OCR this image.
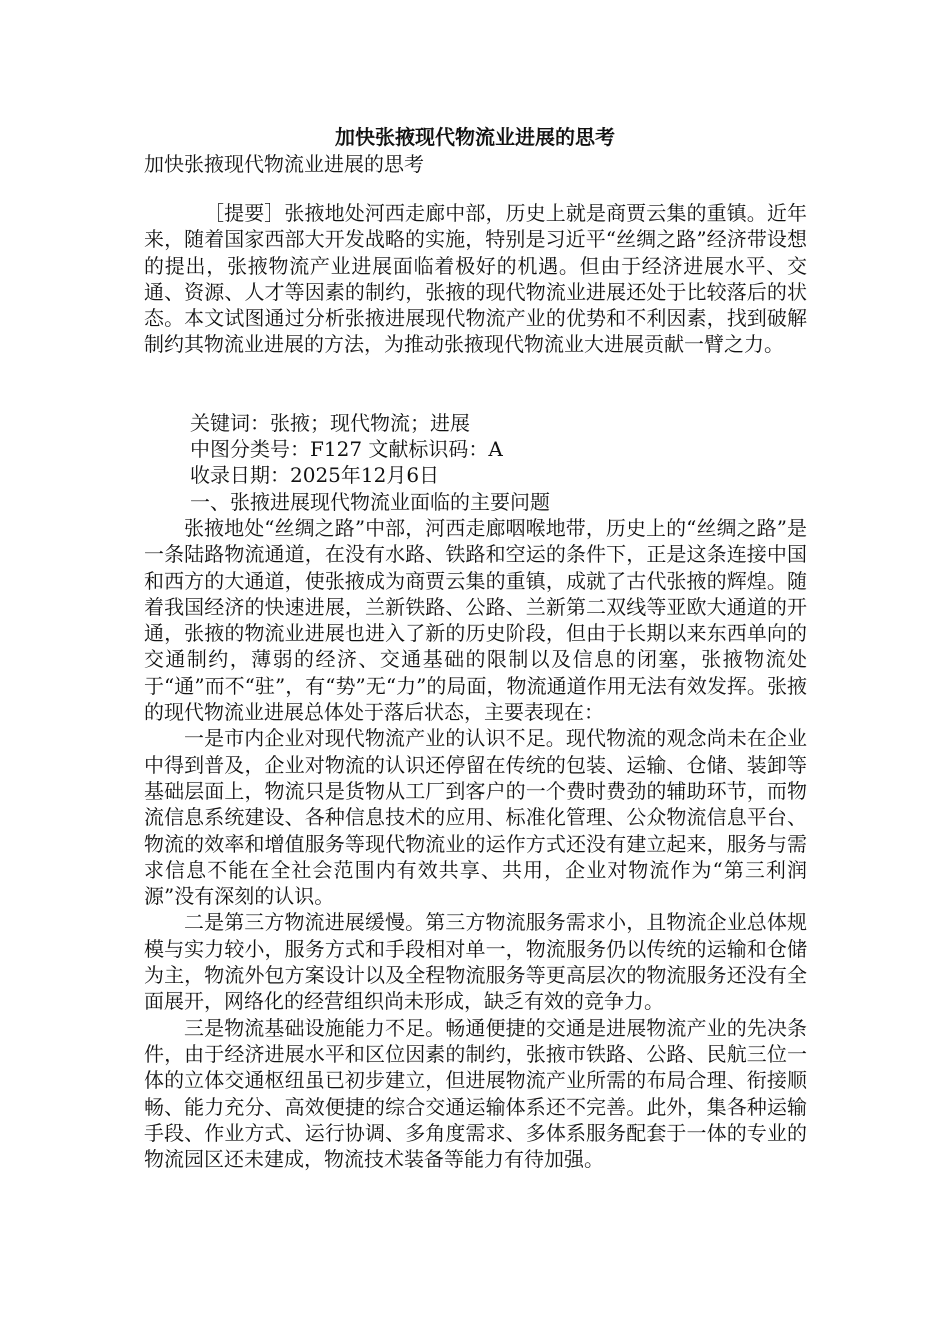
加快张掖现代物流业进展的思考
加快张掖现代物流业进展的思考

［提要］张掖地处河西走廊中部，历史上就是商贾云集的重镇。近年来，随着国家西部大开发战略的实施，特别是习近平“丝绸之路”经济带设想的提出，张掖物流产业进展面临着极好的机遇。但由于经济进展水平、交通、资源、人才等因素的制约，张掖的现代物流业进展还处于比较落后的状态。本文试图通过分析张掖进展现代物流产业的优势和不利因素，找到破解制约其物流业进展的方法，为推动张掖现代物流业大进展贡献一臂之力。

关键词：张掖；现代物流；进展

中图分类号：F127 文献标识码：A

收录日期：2025年12月6日

一、张掖进展现代物流业面临的主要问题

张掖地处“丝绸之路”中部，河西走廊咽喉地带，历史上的“丝绸之路”是一条陆路物流通道，在没有水路、铁路和空运的条件下，正是这条连接中国和西方的大通道，使张掖成为商贾云集的重镇，成就了古代张掖的辉煌。随着我国经济的快速进展，兰新铁路、公路、兰新第二双线等亚欧大通道的开通，张掖的物流业进展也进入了新的历史阶段，但由于长期以来东西单向的交通制约，薄弱的经济、交通基础的限制以及信息的闭塞，张掖物流处于“通”而不“驻”，有“势”无“力”的局面，物流通道作用无法有效发挥。张掖的现代物流业进展总体处于落后状态，主要表现在：

一是市内企业对现代物流产业的认识不足。现代物流的观念尚未在企业中得到普及，企业对物流的认识还停留在传统的包装、运输、仓储、装卸等基础层面上，物流只是货物从工厂到客户的一个费时费劲的辅助环节，而物流信息系统建设、各种信息技术的应用、标准化管理、公众物流信息平台、物流的效率和增值服务等现代物流业的运作方式还没有建立起来，服务与需求信息不能在全社会范围内有效共享、共用，企业对物流作为“第三利润源”没有深刻的认识。

二是第三方物流进展缓慢。第三方物流服务需求小，且物流企业总体规模与实力较小，服务方式和手段相对单一，物流服务仍以传统的运输和仓储为主，物流外包方案设计以及全程物流服务等更高层次的物流服务还没有全面展开，网络化的经营组织尚未形成，缺乏有效的竞争力。

三是物流基础设施能力不足。畅通便捷的交通是进展物流产业的先决条件，由于经济进展水平和区位因素的制约，张掖市铁路、公路、民航三位一体的立体交通枢纽虽已初步建立，但进展物流产业所需的布局合理、衔接顺畅、能力充分、高效便捷的综合交通运输体系还不完善。此外，集各种运输手段、作业方式、运行协调、多角度需求、多体系服务配套于一体的专业的物流园区还未建成，物流技术装备等能力有待加强。
